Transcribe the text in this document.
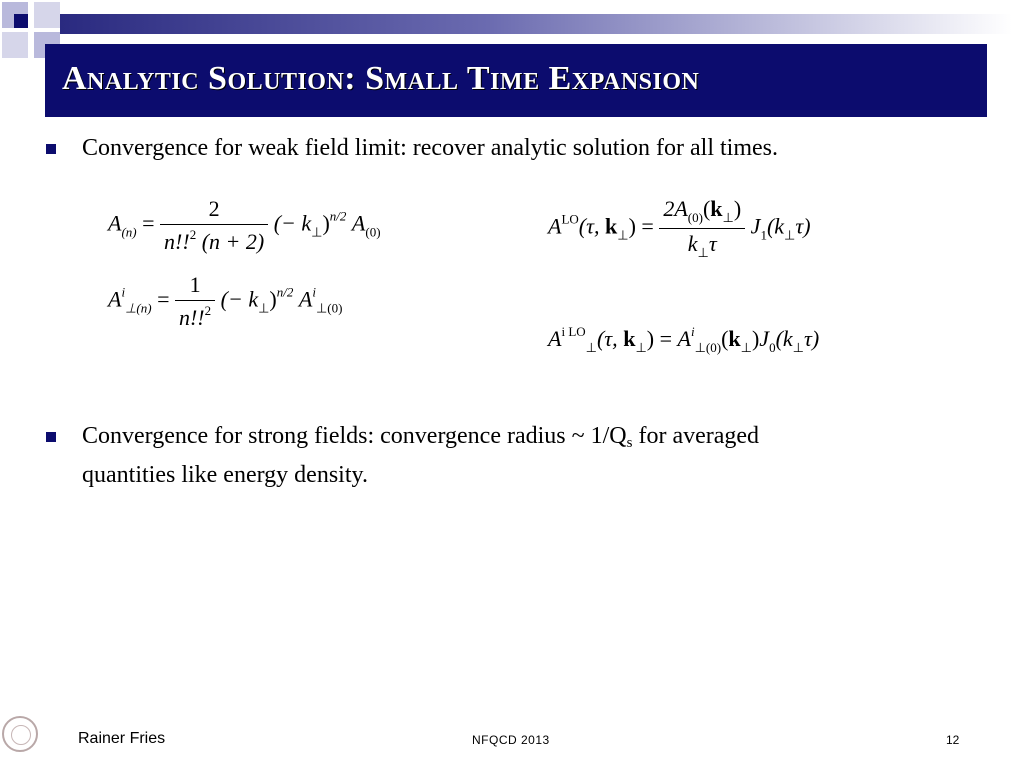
Analytic Solution: Small Time Expansion
Convergence for weak field limit: recover analytic solution for all times.
$A_{(n)} = \frac{2}{n!!^2 (n + 2)}$ (− $k_\perp)^{n/2}$ $A_{(0)}$
$A^i_{\perp(n)} = \frac{1}{n!!^2}$ (− $k_\perp)^{n/2}$ $A^i_{\perp(0)}$
$A^{LO}(\tau$, $k_\perp) = \frac{2A_{(0)}(k_\perp)}{k_\perp\tau} J_1(k_\perp\tau)$
$A^{i LO}_\perp(\tau$, $k_\perp) = A^i_{\perp(0)}(k_\perp)J_0(k_\perp\tau)$
Convergence for strong fields: convergence radius ~ 1/Qs for averaged
quantities like energy density.
Rainer Fries	NFQCD 2013	12
